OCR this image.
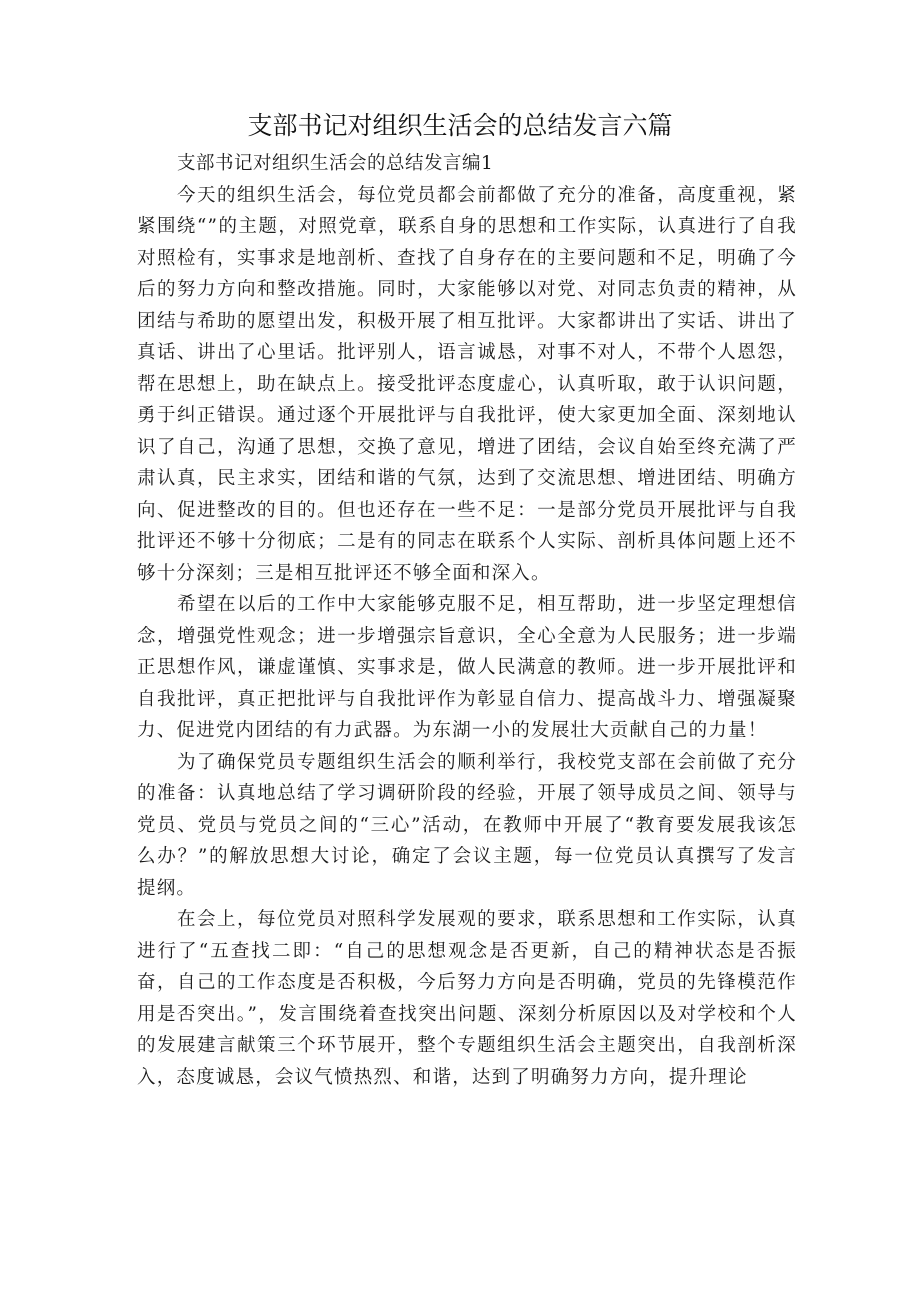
支部书记对组织生活会的总结发言六篇

支部书记对组织生活会的总结发言编1

今天的组织生活会，每位党员都会前都做了充分的准备，高度重视，紧紧围绕“”的主题，对照党章，联系自身的思想和工作实际，认真进行了自我对照检有，实事求是地剖析、查找了自身存在的主要问题和不足，明确了今后的努力方向和整改措施。同时，大家能够以对党、对同志负责的精神，从团结与希助的愿望出发，积极开展了相互批评。大家都讲出了实话、讲出了真话、讲出了心里话。批评别人，语言诚恳，对事不对人，不带个人恩怨，帮在思想上，助在缺点上。接受批评态度虚心，认真听取，敢于认识问题，勇于纠正错误。通过逐个开展批评与自我批评，使大家更加全面、深刻地认识了自己，沟通了思想，交换了意见，增进了团结，会议自始至终充满了严肃认真，民主求实，团结和谐的气氛，达到了交流思想、增进团结、明确方向、促进整改的目的。但也还存在一些不足：一是部分党员开展批评与自我批评还不够十分彻底；二是有的同志在联系个人实际、剖析具体问题上还不够十分深刻；三是相互批评还不够全面和深入。

希望在以后的工作中大家能够克服不足，相互帮助，进一步坚定理想信念，增强党性观念；进一步增强宗旨意识，全心全意为人民服务；进一步端正思想作风，谦虚谨慎、实事求是，做人民满意的教师。进一步开展批评和自我批评，真正把批评与自我批评作为彰显自信力、提高战斗力、增强凝聚力、促进党内团结的有力武器。为东湖一小的发展壮大贡献自己的力量！

为了确保党员专题组织生活会的顺利举行，我校党支部在会前做了充分的准备：认真地总结了学习调研阶段的经验，开展了领导成员之间、领导与党员、党员与党员之间的“三心”活动，在教师中开展了“教育要发展我该怎么办？”的解放思想大讨论，确定了会议主题，每一位党员认真撰写了发言提纲。

在会上，每位党员对照科学发展观的要求，联系思想和工作实际，认真进行了“五查找二即：“自己的思想观念是否更新，自己的精神状态是否振奋，自己的工作态度是否积极，今后努力方向是否明确，党员的先锋模范作用是否突出。”，发言围绕着查找突出问题、深刻分析原因以及对学校和个人的发展建言献策三个环节展开，整个专题组织生活会主题突出，自我剖析深入，态度诚恳，会议气愤热烈、和谐，达到了明确努力方向，提升理论
